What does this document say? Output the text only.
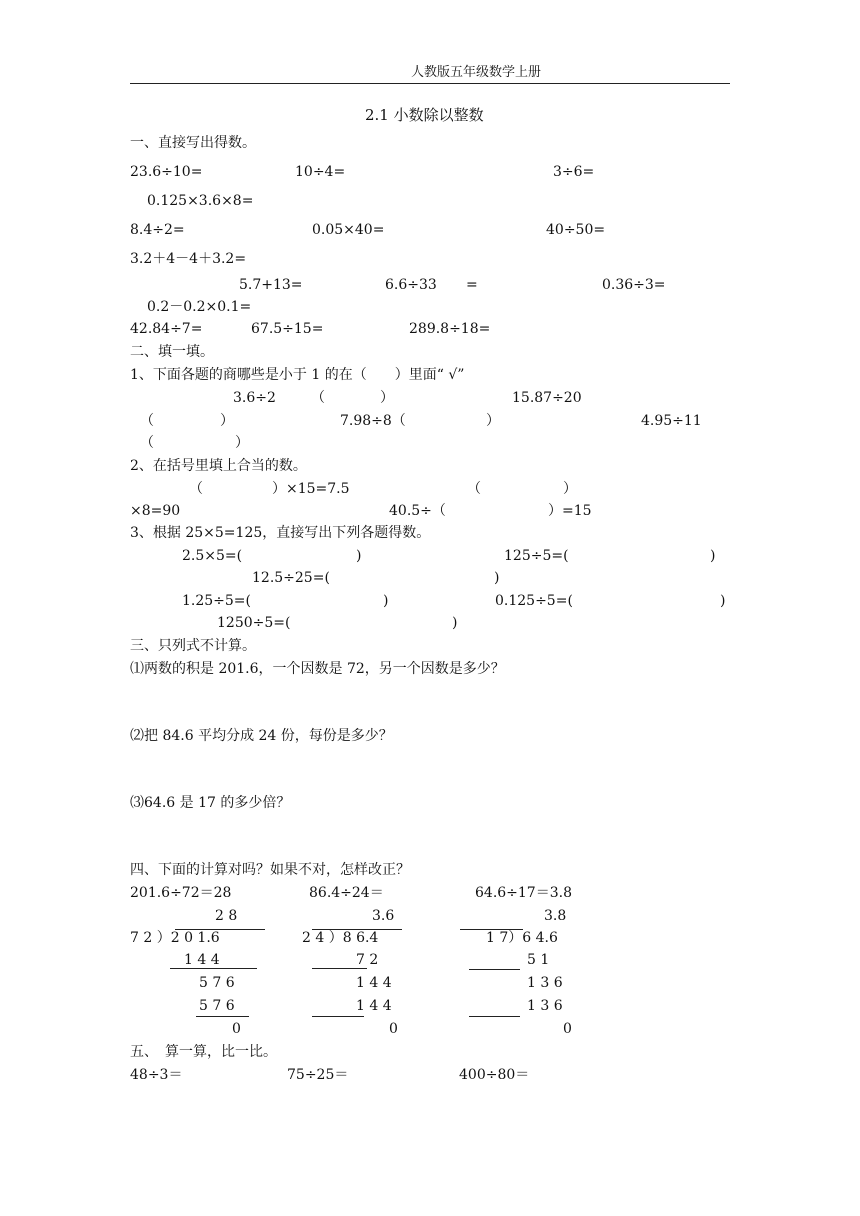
人教版五年级数学上册
2.1 小数除以整数
一、直接写出得数。
23.6÷10=	10÷4=	3÷6=
0.125×3.6×8=
8.4÷2=	0.05×40=	40÷50=
3.2＋4－4＋3.2=
5.7+13=	6.6÷33 =	0.36÷3=
0.2－0.2×0.1=
42.84÷7=	67.5÷15=	289.8÷18=
二、填一填。
1、下面各题的商哪些是小于 1 的在（　　）里面“ √”
3.6÷2	（	）	15.87÷20
（	）	7.98÷8（	）	4.95÷11
（	）
2、在括号里填上合当的数。
（	）×15=7.5	（	）
×8=90	40.5÷（	）=15
3、根据 25×5=125，直接写出下列各题得数。
2.5×5=(	)	125÷5=(	)
12.5÷25=(	)
1.25÷5=(	)	0.125÷5=(	)
1250÷5=(	)
三、只列式不计算。
⑴两数的积是 201.6，一个因数是 72，另一个因数是多少？
⑵把 84.6 平均分成 24 份，每份是多少？
⑶64.6 是 17 的多少倍？
四、下面的计算对吗？如果不对，怎样改正？
201.6÷72＝28	86.4÷24＝	64.6÷17＝3.8
2 8
7 2 ）2 0 1.6
1 4 4
5 7 6
5 7 6
0
3.6
2 4 ）8 6.4
7 2
1 4 4
1 4 4
0
3.8
1 7）6 4.6
5 1
1 3 6
1 3 6
0
五、　算一算，比一比。
48÷3＝	75÷25＝	400÷80＝
